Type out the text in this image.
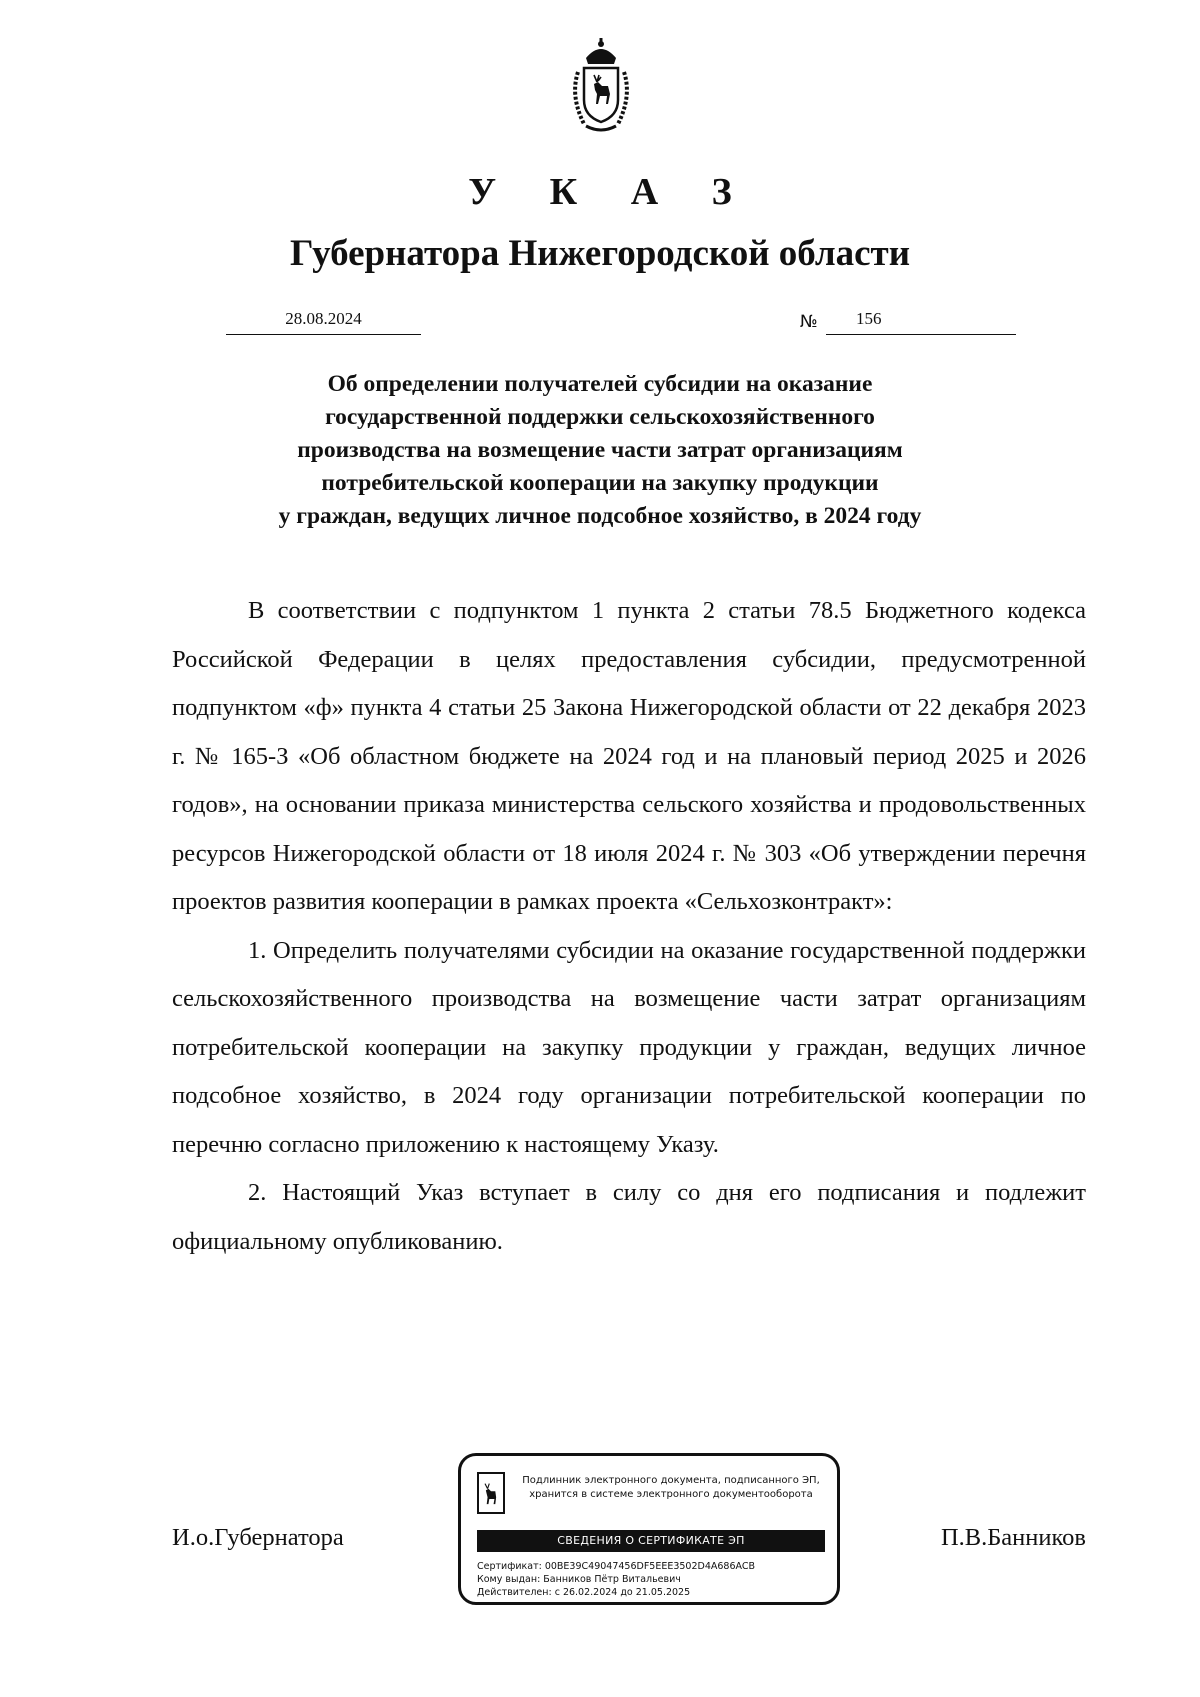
У К А З
Губернатора Нижегородской области
28.08.2024	№	156
Об определении получателей субсидии на оказание
государственной поддержки сельскохозяйственного
производства на возмещение части затрат организациям
потребительской кооперации на закупку продукции
у граждан, ведущих личное подсобное хозяйство, в 2024 году

В соответствии с подпунктом 1 пункта 2 статьи 78.5 Бюджетного кодекса Российской Федерации в целях предоставления субсидии, предусмотренной подпунктом «ф» пункта 4 статьи 25 Закона Нижегородской области от 22 декабря 2023 г. № 165-З «Об областном бюджете на 2024 год и на плановый период 2025 и 2026 годов», на основании приказа министерства сельского хозяйства и продовольственных ресурсов Нижегородской области от 18 июля 2024 г. № 303 «Об утверждении перечня проектов развития кооперации в рамках проекта «Сельхозконтракт»:

1. Определить получателями субсидии на оказание государственной поддержки сельскохозяйственного производства на возмещение части затрат организациям потребительской кооперации на закупку продукции у граждан, ведущих личное подсобное хозяйство, в 2024 году организации потребительской кооперации по перечню согласно приложению к настоящему Указу.

2. Настоящий Указ вступает в силу со дня его подписания и подлежит официальному опубликованию.

И.о.Губернатора	П.В.Банников
Подлинник электронного документа, подписанного ЭП,
хранится в системе электронного документооборота
СВЕДЕНИЯ О СЕРТИФИКАТЕ ЭП
Сертификат: 00BE39C49047456DF5EEE3502D4A686ACB
Кому выдан: Банников Пётр Витальевич
Действителен: с 26.02.2024 до 21.05.2025
